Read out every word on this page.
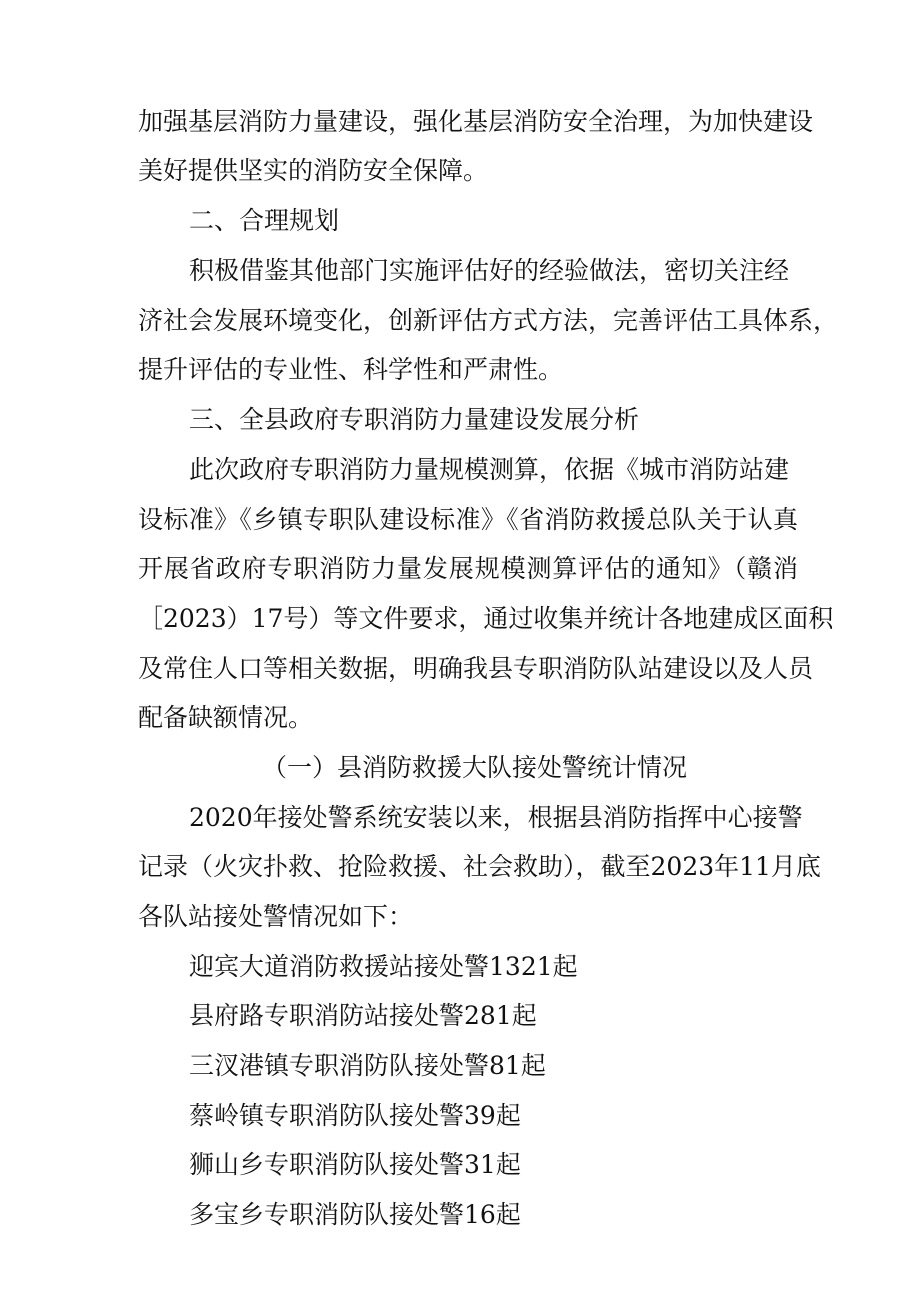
加强基层消防力量建设，强化基层消防安全治理，为加快建设
美好提供坚实的消防安全保障。
二、合理规划
积极借鉴其他部门实施评估好的经验做法，密切关注经
济社会发展环境变化，创新评估方式方法，完善评估工具体系，
提升评估的专业性、科学性和严肃性。
三、全县政府专职消防力量建设发展分析
此次政府专职消防力量规模测算，依据《城市消防站建
设标准》《乡镇专职队建设标准》《省消防救援总队关于认真
开展省政府专职消防力量发展规模测算评估的通知》（赣消
［2023）17号）等文件要求，通过收集并统计各地建成区面积
及常住人口等相关数据，明确我县专职消防队站建设以及人员
配备缺额情况。
（一）县消防救援大队接处警统计情况
2020年接处警系统安装以来，根据县消防指挥中心接警
记录（火灾扑救、抢险救援、社会救助），截至2023年11月底
各队站接处警情况如下：
迎宾大道消防救援站接处警1321起
县府路专职消防站接处警281起
三汊港镇专职消防队接处警81起
蔡岭镇专职消防队接处警39起
狮山乡专职消防队接处警31起
多宝乡专职消防队接处警16起
